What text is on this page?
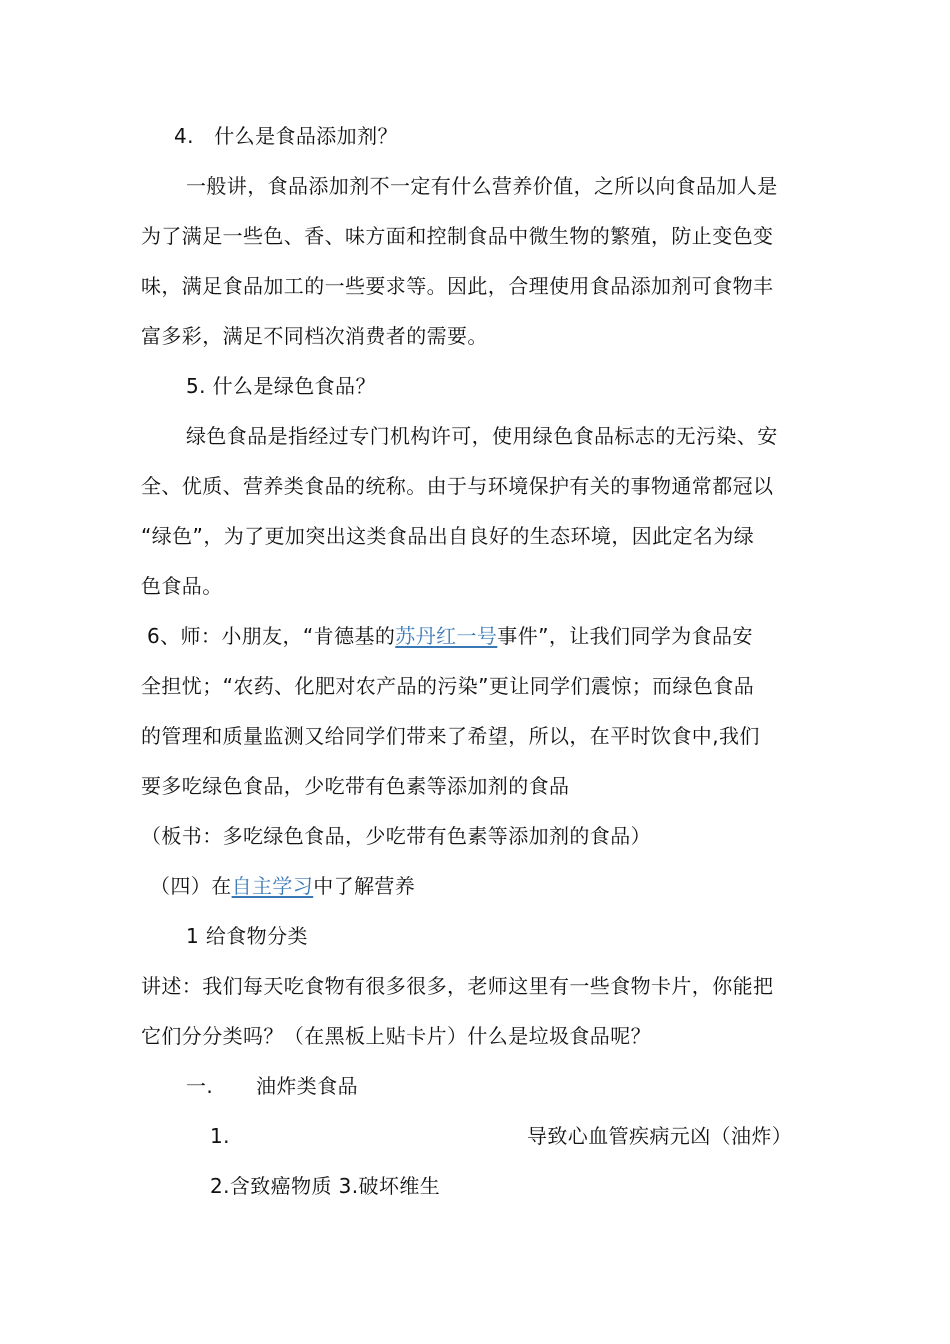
4.　什么是食品添加剂？
一般讲，食品添加剂不一定有什么营养价值，之所以向食品加人是
为了满足一些色、香、味方面和控制食品中微生物的繁殖，防止变色变
味，满足食品加工的一些要求等。因此，合理使用食品添加剂可食物丰
富多彩，满足不同档次消费者的需要。
5. 什么是绿色食品？
绿色食品是指经过专门机构许可，使用绿色食品标志的无污染、安
全、优质、营养类食品的统称。由于与环境保护有关的事物通常都冠以
“绿色”，为了更加突出这类食品出自良好的生态环境，因此定名为绿
色食品。
6、师：小朋友，“肯德基的苏丹红一号事件”，让我们同学为食品安
全担忧；“农药、化肥对农产品的污染”更让同学们震惊；而绿色食品
的管理和质量监测又给同学们带来了希望，所以，在平时饮食中,我们
要多吃绿色食品，少吃带有色素等添加剂的食品
（板书：多吃绿色食品，少吃带有色素等添加剂的食品）
（四）在自主学习中了解营养
1 给食物分类
讲述：我们每天吃食物有很多很多，老师这里有一些食物卡片，你能把
它们分分类吗？（在黑板上贴卡片）什么是垃圾食品呢？
一. 油炸类食品
1.	导致心血管疾病元凶（油炸）
2.含致癌物质 3.破坏维生
